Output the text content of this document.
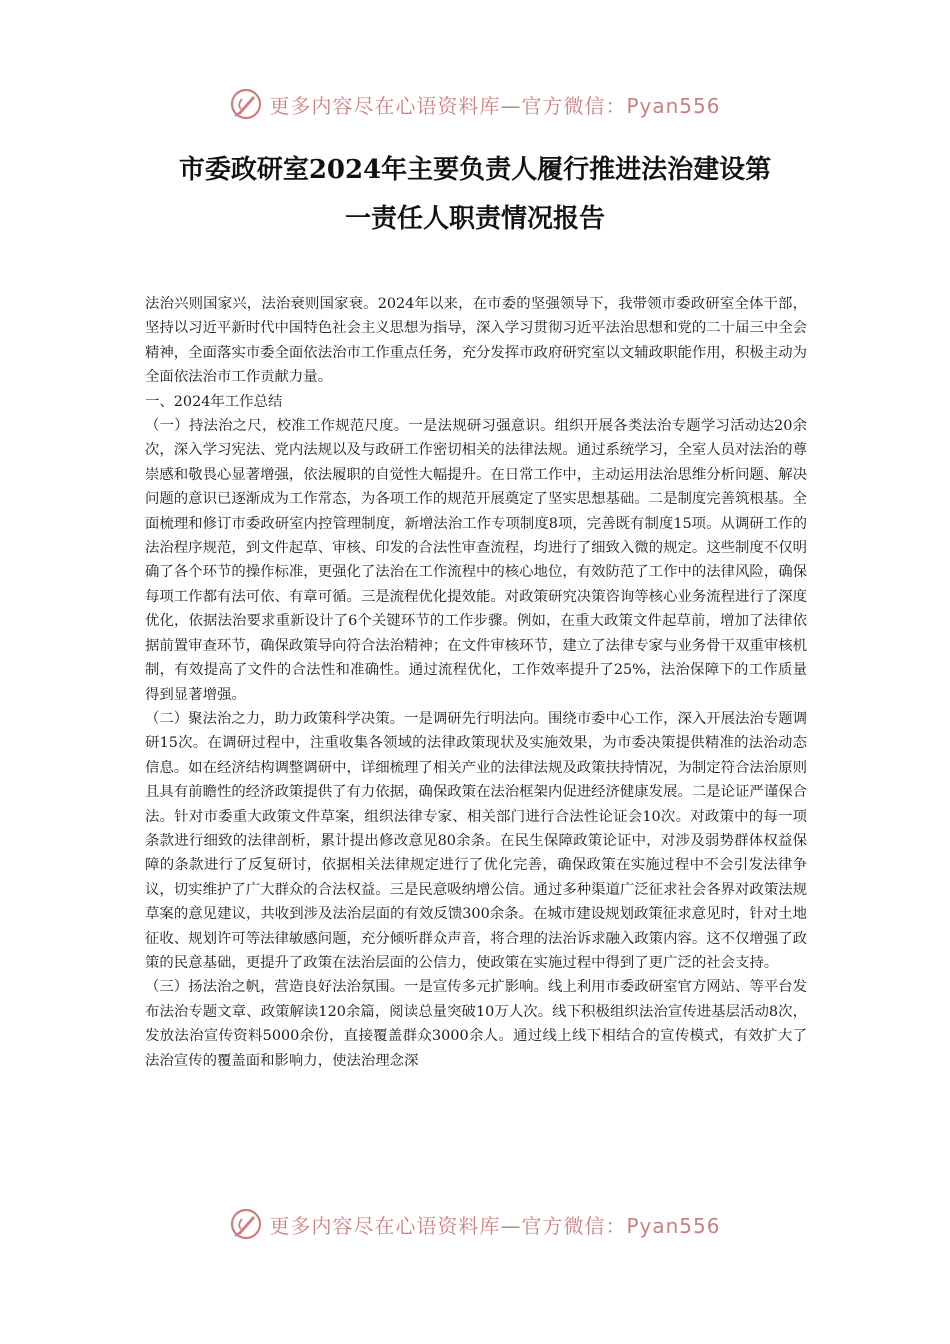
更多内容尽在心语资料库—官方微信：Pyan556
市委政研室2024年主要负责人履行推进法治建设第
一责任人职责情况报告

法治兴则国家兴，法治衰则国家衰。2024年以来，在市委的坚强领导下，我带领市委政研室全体干部，坚持以习近平新时代中国特色社会主义思想为指导，深入学习贯彻习近平法治思想和党的二十届三中全会精神，全面落实市委全面依法治市工作重点任务，充分发挥市政府研究室以文辅政职能作用，积极主动为全面依法治市工作贡献力量。

一、2024年工作总结

（一）持法治之尺，校准工作规范尺度。一是法规研习强意识。组织开展各类法治专题学习活动达20余次，深入学习宪法、党内法规以及与政研工作密切相关的法律法规。通过系统学习，全室人员对法治的尊崇感和敬畏心显著增强，依法履职的自觉性大幅提升。在日常工作中，主动运用法治思维分析问题、解决问题的意识已逐渐成为工作常态，为各项工作的规范开展奠定了坚实思想基础。二是制度完善筑根基。全面梳理和修订市委政研室内控管理制度，新增法治工作专项制度8项，完善既有制度15项。从调研工作的法治程序规范，到文件起草、审核、印发的合法性审查流程，均进行了细致入微的规定。这些制度不仅明确了各个环节的操作标准，更强化了法治在工作流程中的核心地位，有效防范了工作中的法律风险，确保每项工作都有法可依、有章可循。三是流程优化提效能。对政策研究决策咨询等核心业务流程进行了深度优化，依据法治要求重新设计了6个关键环节的工作步骤。例如，在重大政策文件起草前，增加了法律依据前置审查环节，确保政策导向符合法治精神；在文件审核环节，建立了法律专家与业务骨干双重审核机制，有效提高了文件的合法性和准确性。通过流程优化，工作效率提升了25%，法治保障下的工作质量得到显著增强。

（二）聚法治之力，助力政策科学决策。一是调研先行明法向。围绕市委中心工作，深入开展法治专题调研15次。在调研过程中，注重收集各领域的法律政策现状及实施效果，为市委决策提供精准的法治动态信息。如在经济结构调整调研中，详细梳理了相关产业的法律法规及政策扶持情况，为制定符合法治原则且具有前瞻性的经济政策提供了有力依据，确保政策在法治框架内促进经济健康发展。二是论证严谨保合法。针对市委重大政策文件草案，组织法律专家、相关部门进行合法性论证会10次。对政策中的每一项条款进行细致的法律剖析，累计提出修改意见80余条。在民生保障政策论证中，对涉及弱势群体权益保障的条款进行了反复研讨，依据相关法律规定进行了优化完善，确保政策在实施过程中不会引发法律争议，切实维护了广大群众的合法权益。三是民意吸纳增公信。通过多种渠道广泛征求社会各界对政策法规草案的意见建议，共收到涉及法治层面的有效反馈300余条。在城市建设规划政策征求意见时，针对土地征收、规划许可等法律敏感问题，充分倾听群众声音，将合理的法治诉求融入政策内容。这不仅增强了政策的民意基础，更提升了政策在法治层面的公信力，使政策在实施过程中得到了更广泛的社会支持。

（三）扬法治之帆，营造良好法治氛围。一是宣传多元扩影响。线上利用市委政研室官方网站、等平台发布法治专题文章、政策解读120余篇，阅读总量突破10万人次。线下积极组织法治宣传进基层活动8次，发放法治宣传资料5000余份，直接覆盖群众3000余人。通过线上线下相结合的宣传模式，有效扩大了法治宣传的覆盖面和影响力，使法治理念深

更多内容尽在心语资料库—官方微信：Pyan556
